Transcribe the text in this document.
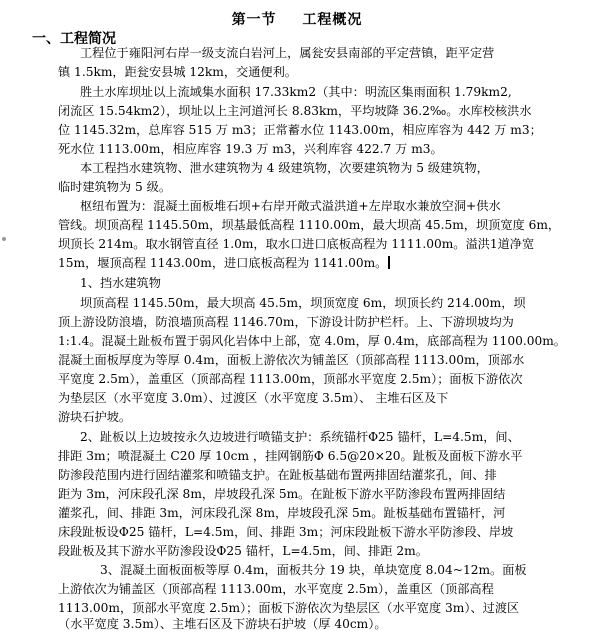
第一节 工程概况
一、工程简况
工程位于雍阳河右岸一级支流白岩河上，属瓮安县南部的平定营镇，距平定营
镇 1.5km，距瓮安县城 12km，交通便利。
胜土水库坝址以上流域集水面积 17.33km2（其中：明流区集雨面积 1.79km2,
闭流区 15.54km2），坝址以上主河道河长 8.83km，平均坡降 36.2‰。水库校核洪水
位 1145.32m，总库容 515 万 m3；正常蓄水位 1143.00m，相应库容为 442 万 m3；
死水位 1113.00m，相应库容 19.3 万 m3，兴利库容 422.7 万 m3。
本工程挡水建筑物、泄水建筑物为 4 级建筑物，次要建筑物为 5 级建筑物，
临时建筑物为 5 级。
枢纽布置为：混凝土面板堆石坝+右岸开敞式溢洪道+左岸取水兼放空洞+供水
管线。坝顶高程 1145.50m，坝基最低高程 1110.00m，最大坝高 45.5m，坝顶宽度 6m，
坝顶长 214m。取水钢管直径 1.0m，取水口进口底板高程为 1111.00m。溢洪1道净宽
15m，堰顶高程 1143.00m，进口底板高程为 1141.00m。
1、挡水建筑物
坝顶高程 1145.50m，最大坝高 45.5m，坝顶宽度 6m，坝顶长约 214.00m，坝
顶上游设防浪墙，防浪墙顶高程 1146.70m，下游设计防护栏杆。上、下游坝坡均为
1:1.4。混凝土趾板布置于弱风化岩体中上部，宽 4.0m，厚 0.4m，底部高程为 1100.00m。
混凝土面板厚度为等厚 0.4m，面板上游依次为铺盖区（顶部高程 1113.00m，顶部水
平宽度 2.5m），盖重区（顶部高程 1113.00m，顶部水平宽度 2.5m）；面板下游依次
为垫层区（水平宽度 3.0m）、过渡区（水平宽度 3.5m）、 主堆石区及下
游块石护坡。
2、趾板以上边坡按永久边坡进行喷锚支护：系统锚杆Φ25 锚杆，L=4.5m，间、
排距 3m；喷混凝土 C20 厚 10cm ，挂网钢筋Φ 6.5@20×20。趾板及面板下游水平
防渗段范围内进行固结灌浆和喷锚支护。在趾板基础布置两排固结灌浆孔，间、排
距为 3m，河床段孔深 8m，岸坡段孔深 5m。在趾板下游水平防渗段布置两排固结
灌浆孔，间、排距 3m，河床段孔深 8m，岸坡段孔深 5m。趾板基础布置锚杆，河
床段趾板设Φ25 锚杆，L=4.5m，间、排距 3m；河床段趾板下游水平防渗段、岸坡
段趾板及其下游水平防渗段设Φ25 锚杆，L=4.5m，间、排距 2m。
3、混凝土面板面板等厚 0.4m，面板共分 19 块，单块宽度 8.04~12m。面板
上游依次为铺盖区（顶部高程 1113.00m，水平宽度 2.5m），盖重区（顶部高程
1113.00m，顶部水平宽度 2.5m）；面板下游依次为垫层区（水平宽度 3m）、过渡区
（水平宽度 3.5m）、主堆石区及下游块石护坡（厚 40cm）。
